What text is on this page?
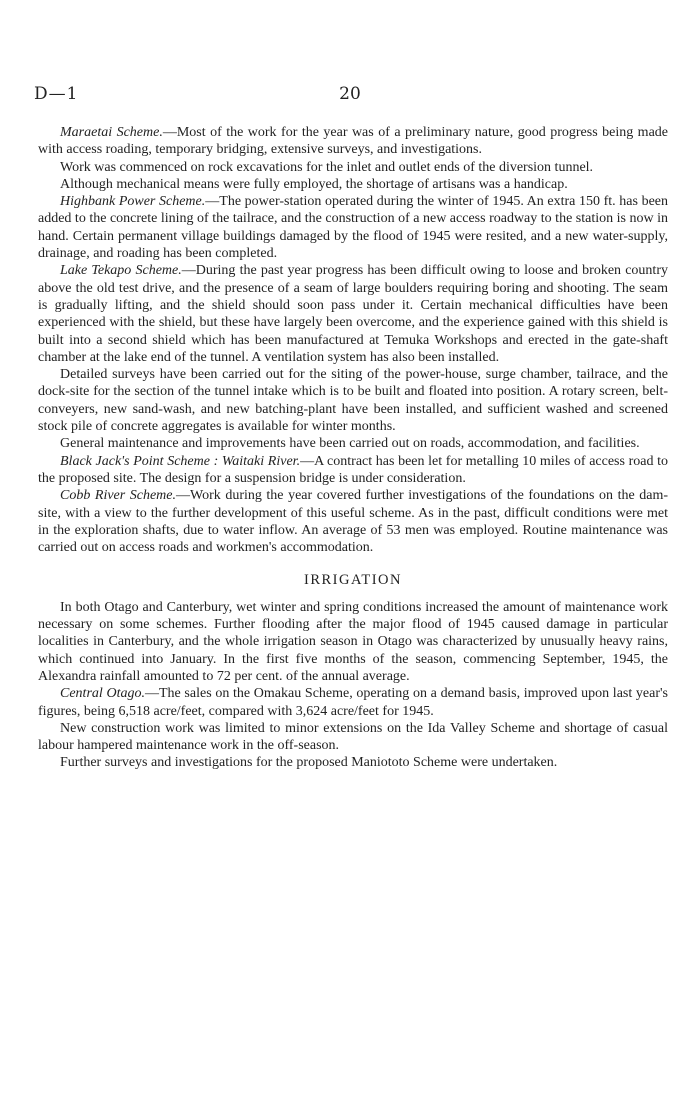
D—1	20

Maraetai Scheme.—Most of the work for the year was of a preliminary nature, good progress being made with access roading, temporary bridging, extensive surveys, and investigations.

Work was commenced on rock excavations for the inlet and outlet ends of the diversion tunnel.

Although mechanical means were fully employed, the shortage of artisans was a handicap.

Highbank Power Scheme.—The power-station operated during the winter of 1945. An extra 150 ft. has been added to the concrete lining of the tailrace, and the construction of a new access roadway to the station is now in hand. Certain permanent village buildings damaged by the flood of 1945 were resited, and a new water-supply, drainage, and roading has been completed.

Lake Tekapo Scheme.—During the past year progress has been difficult owing to loose and broken country above the old test drive, and the presence of a seam of large boulders requiring boring and shooting. The seam is gradually lifting, and the shield should soon pass under it. Certain mechanical difficulties have been experienced with the shield, but these have largely been overcome, and the experience gained with this shield is built into a second shield which has been manufactured at Temuka Workshops and erected in the gate-shaft chamber at the lake end of the tunnel. A ventilation system has also been installed.

Detailed surveys have been carried out for the siting of the power-house, surge chamber, tailrace, and the dock-site for the section of the tunnel intake which is to be built and floated into position. A rotary screen, belt-conveyers, new sand-wash, and new batching-plant have been installed, and sufficient washed and screened stock pile of concrete aggregates is available for winter months.

General maintenance and improvements have been carried out on roads, accommodation, and facilities.

Black Jack's Point Scheme : Waitaki River.—A contract has been let for metalling 10 miles of access road to the proposed site. The design for a suspension bridge is under consideration.

Cobb River Scheme.—Work during the year covered further investigations of the foundations on the dam-site, with a view to the further development of this useful scheme. As in the past, difficult conditions were met in the exploration shafts, due to water inflow. An average of 53 men was employed. Routine maintenance was carried out on access roads and workmen's accommodation.

IRRIGATION

In both Otago and Canterbury, wet winter and spring conditions increased the amount of maintenance work necessary on some schemes. Further flooding after the major flood of 1945 caused damage in particular localities in Canterbury, and the whole irrigation season in Otago was characterized by unusually heavy rains, which continued into January. In the first five months of the season, commencing September, 1945, the Alexandra rainfall amounted to 72 per cent. of the annual average.

Central Otago.—The sales on the Omakau Scheme, operating on a demand basis, improved upon last year's figures, being 6,518 acre/feet, compared with 3,624 acre/feet for 1945.

New construction work was limited to minor extensions on the Ida Valley Scheme and shortage of casual labour hampered maintenance work in the off-season.

Further surveys and investigations for the proposed Maniototo Scheme were undertaken.
